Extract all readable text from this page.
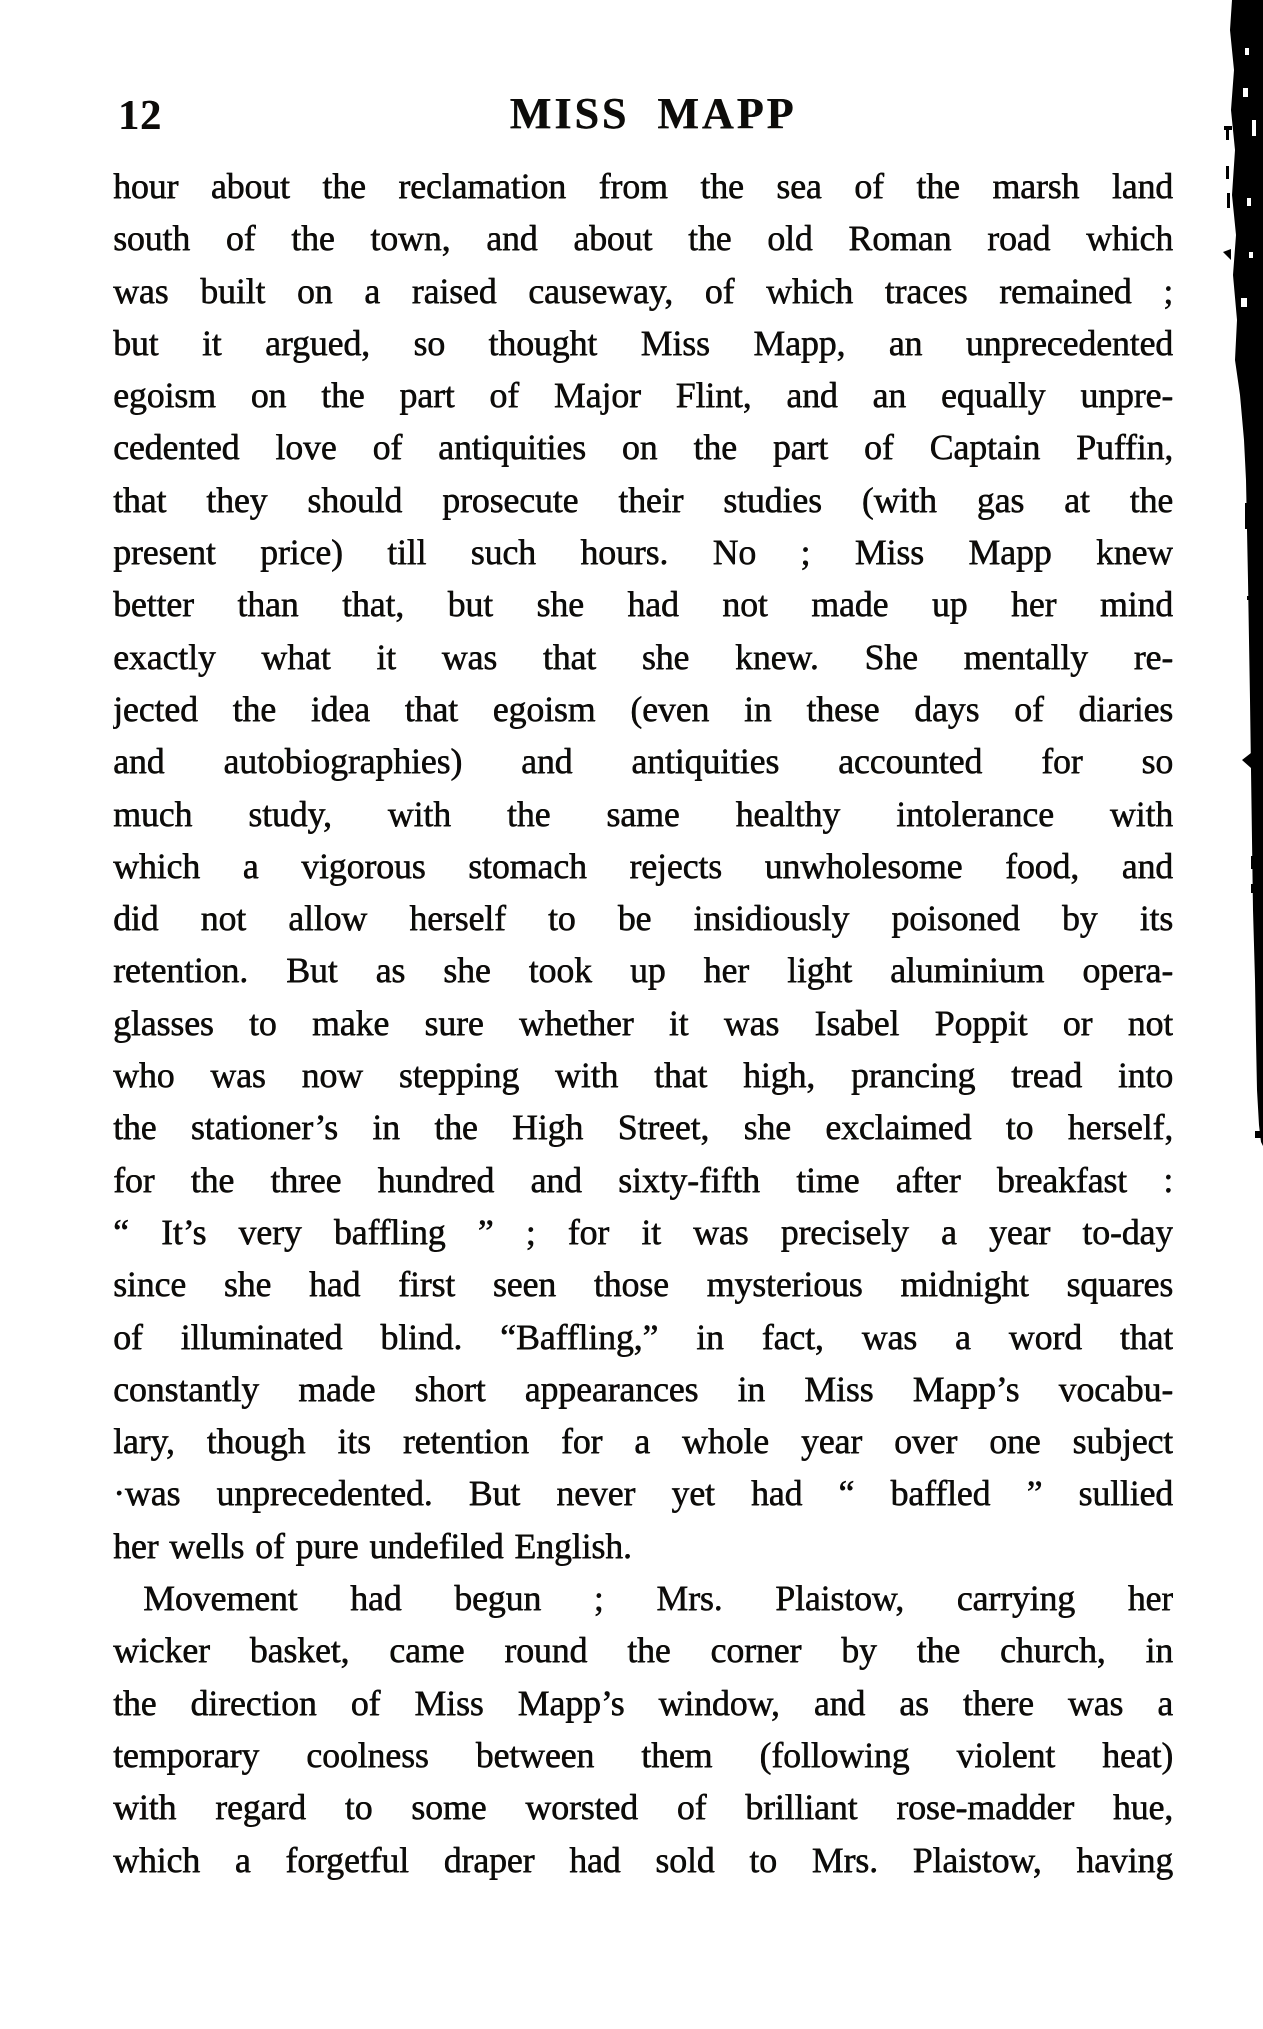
12	MISS MAPP
hour about the reclamation from the sea of the marsh land
south of the town, and about the old Roman road which
was built on a raised causeway, of which traces remained ;
but it argued, so thought Miss Mapp, an unprecedented
egoism on the part of Major Flint, and an equally unpre-
cedented love of antiquities on the part of Captain Puffin,
that they should prosecute their studies (with gas at the
present price) till such hours. No ; Miss Mapp knew
better than that, but she had not made up her mind
exactly what it was that she knew. She mentally re-
jected the idea that egoism (even in these days of diaries
and autobiographies) and antiquities accounted for so
much study, with the same healthy intolerance with
which a vigorous stomach rejects unwholesome food, and
did not allow herself to be insidiously poisoned by its
retention. But as she took up her light aluminium opera-
glasses to make sure whether it was Isabel Poppit or not
who was now stepping with that high, prancing tread into
the stationer’s in the High Street, she exclaimed to herself,
for the three hundred and sixty-fifth time after breakfast :
“ It’s very baffling ” ; for it was precisely a year to-day
since she had first seen those mysterious midnight squares
of illuminated blind. “Baffling,” in fact, was a word that
constantly made short appearances in Miss Mapp’s vocabu-
lary, though its retention for a whole year over one subject
·was unprecedented. But never yet had “ baffled ” sullied
her wells of pure undefiled English.
Movement had begun ; Mrs. Plaistow, carrying her
wicker basket, came round the corner by the church, in
the direction of Miss Mapp’s window, and as there was a
temporary coolness between them (following violent heat)
with regard to some worsted of brilliant rose-madder hue,
which a forgetful draper had sold to Mrs. Plaistow, having
